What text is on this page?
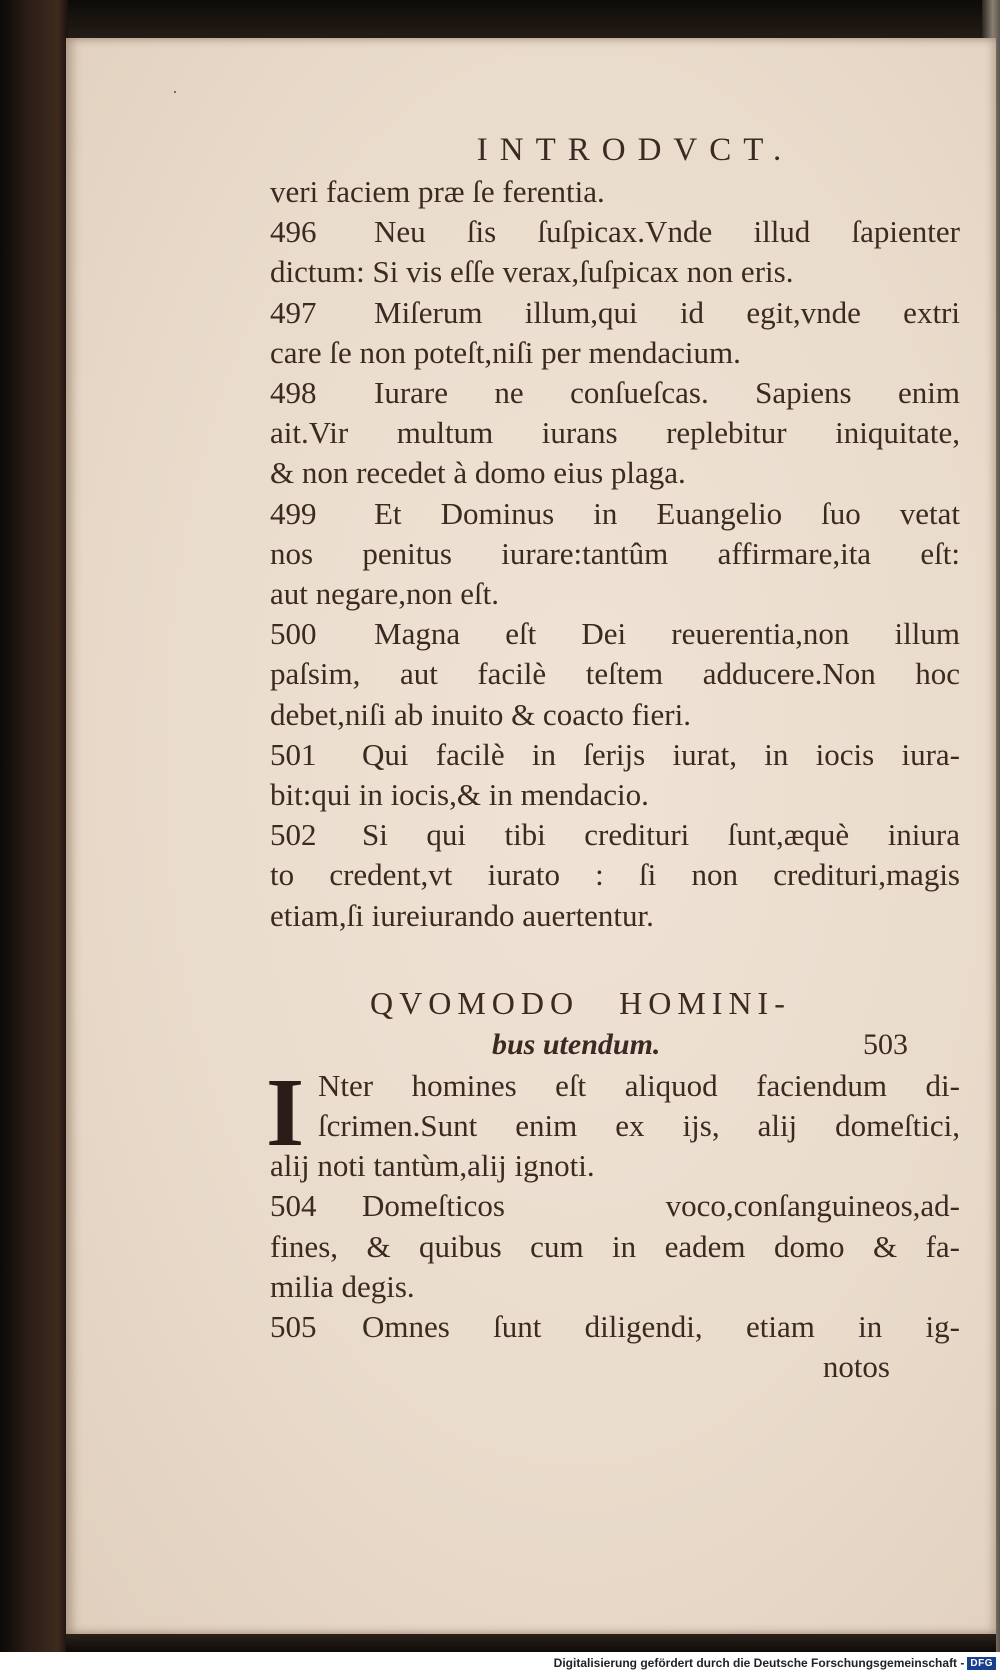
·
INTRODVCT.
veri faciem præ ſe ferentia.
496 Neu ſis ſuſpicax.Vnde illud ſapienter
dictum: Si vis eſſe verax,ſuſpicax non eris.
497 Miſerum illum,qui id egit,vnde extri
care ſe non poteſt,niſi per mendacium.
498 Iurare ne conſueſcas. Sapiens enim
ait.Vir multum iurans replebitur iniquitate,
& non recedet à domo eius plaga.
499 Et Dominus in Euangelio ſuo vetat
nos penitus iurare:tantûm affirmare,ita eſt:
aut negare,non eſt.
500 Magna eſt Dei reuerentia,non illum
paſsim, aut facilè teſtem adducere.Non hoc
debet,niſi ab inuito & coacto fieri.
501 Qui facilè in ſerijs iurat, in iocis iura-
bit:qui in iocis,& in mendacio.
502 Si qui tibi credituri ſunt,æquè iniura
to credent,vt iurato : ſi non credituri,magis
etiam,ſi iureiurando auertentur.
QVOMODO HOMINI-
bus utendum.	503
I Nter homines eſt aliquod faciendum di-
ſcrimen.Sunt enim ex ijs, alij domeſtici,
alij noti tantùm,alij ignoti.
504 Domeſticos voco,conſanguineos,ad-
fines, & quibus cum in eadem domo & fa-
milia degis.
505 Omnes ſunt diligendi, etiam in ig-
notos
Digitalisierung gefördert durch die Deutsche Forschungsgemeinschaft - DFG
